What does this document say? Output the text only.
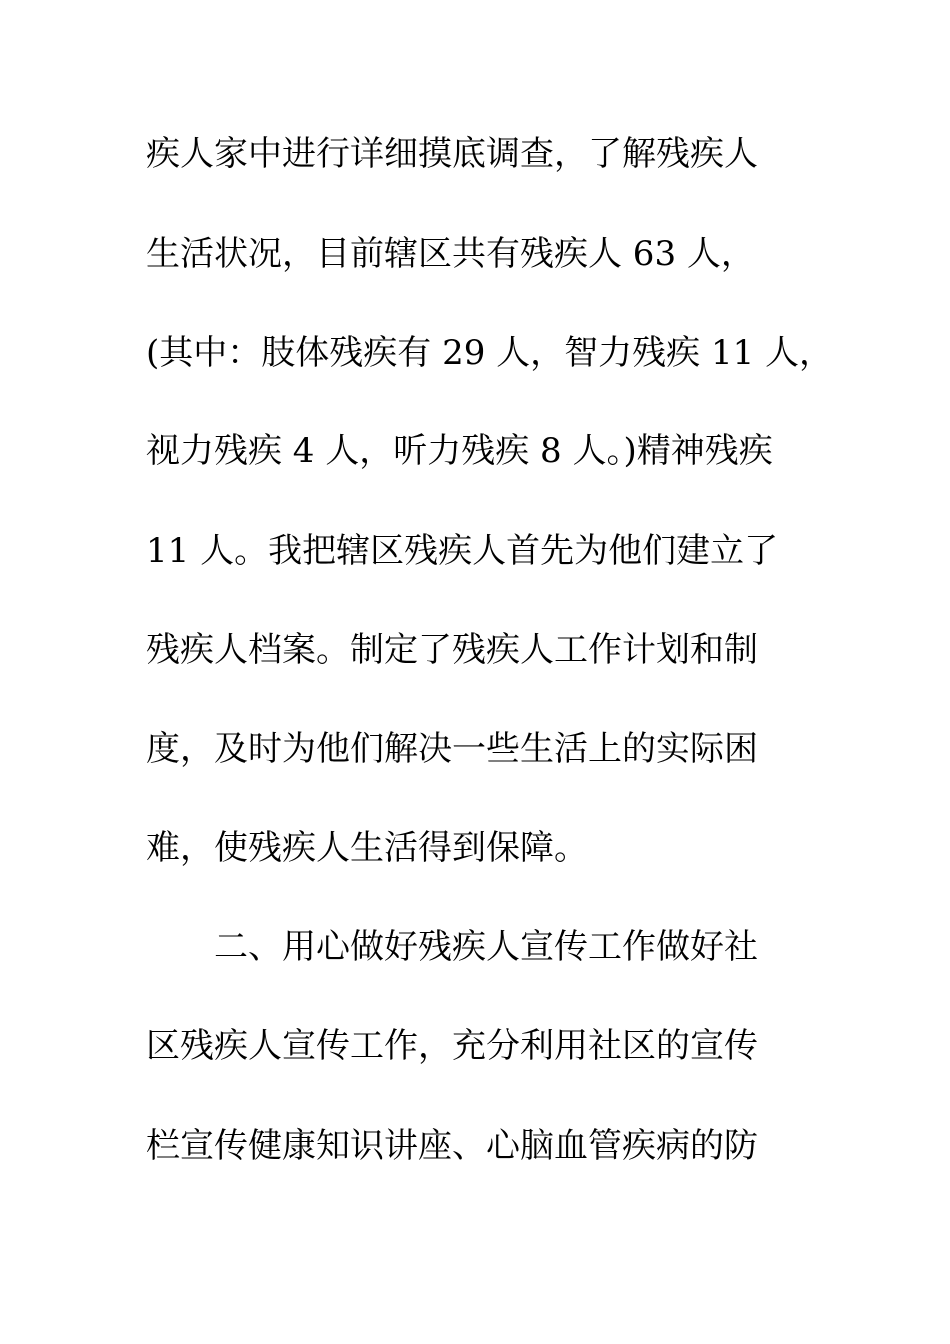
疾人家中进行详细摸底调查，了解残疾人
生活状况，目前辖区共有残疾人 63 人，
(其中：肢体残疾有 29 人，智力残疾 11 人，
视力残疾 4 人，听力残疾 8 人。)精神残疾
11 人。我把辖区残疾人首先为他们建立了
残疾人档案。制定了残疾人工作计划和制
度，及时为他们解决一些生活上的实际困
难，使残疾人生活得到保障。
二、用心做好残疾人宣传工作做好社
区残疾人宣传工作，充分利用社区的宣传
栏宣传健康知识讲座、心脑血管疾病的防
